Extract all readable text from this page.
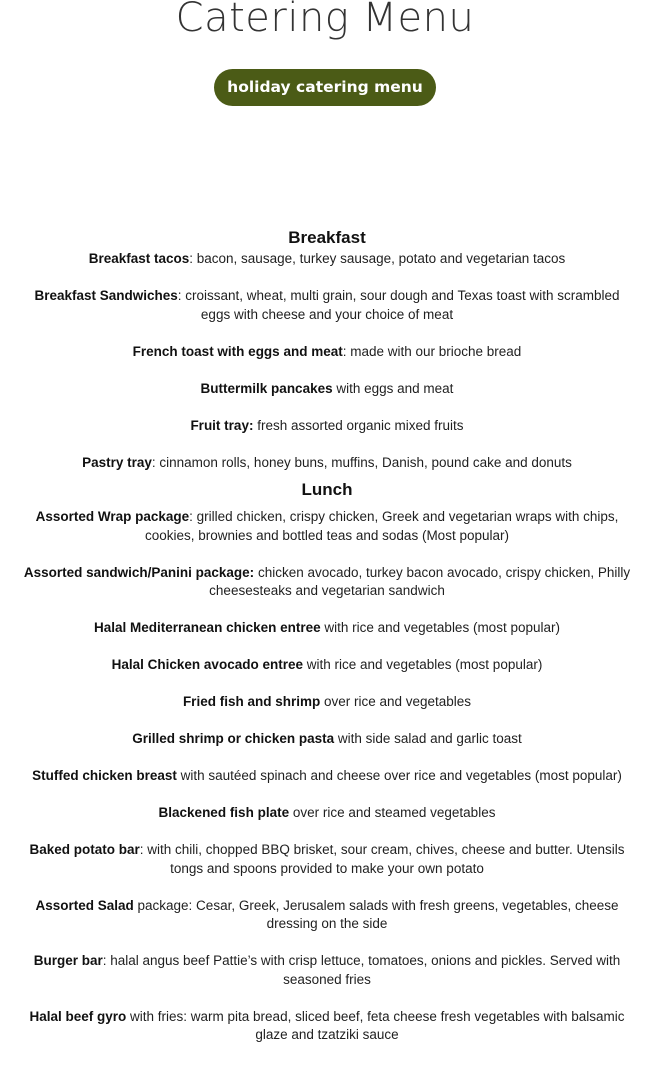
Catering Menu
holiday catering menu
Breakfast

Breakfast tacos: bacon, sausage, turkey sausage, potato and vegetarian tacos

Breakfast Sandwiches: croissant, wheat, multi grain, sour dough and Texas toast with scrambled eggs with cheese and your choice of meat

French toast with eggs and meat: made with our brioche bread

Buttermilk pancakes with eggs and meat

Fruit tray: fresh assorted organic mixed fruits

Pastry tray: cinnamon rolls, honey buns, muffins, Danish, pound cake and donuts

Lunch

Assorted Wrap package: grilled chicken, crispy chicken, Greek and vegetarian wraps with chips, cookies, brownies and bottled teas and sodas (Most popular)

Assorted sandwich/Panini package: chicken avocado, turkey bacon avocado, crispy chicken, Philly cheesesteaks and vegetarian sandwich

Halal Mediterranean chicken entree with rice and vegetables (most popular)

Halal Chicken avocado entree with rice and vegetables (most popular)

Fried fish and shrimp over rice and vegetables

Grilled shrimp or chicken pasta with side salad and garlic toast

Stuffed chicken breast with sautéed spinach and cheese over rice and vegetables (most popular)

Blackened fish plate over rice and steamed vegetables

Baked potato bar: with chili, chopped BBQ brisket, sour cream, chives, cheese and butter. Utensils tongs and spoons provided to make your own potato

Assorted Salad package: Cesar, Greek, Jerusalem salads with fresh greens, vegetables, cheese dressing on the side

Burger bar: halal angus beef Pattie’s with crisp lettuce, tomatoes, onions and pickles. Served with seasoned fries

Halal beef gyro with fries: warm pita bread, sliced beef, feta cheese fresh vegetables with balsamic glaze and tzatziki sauce
